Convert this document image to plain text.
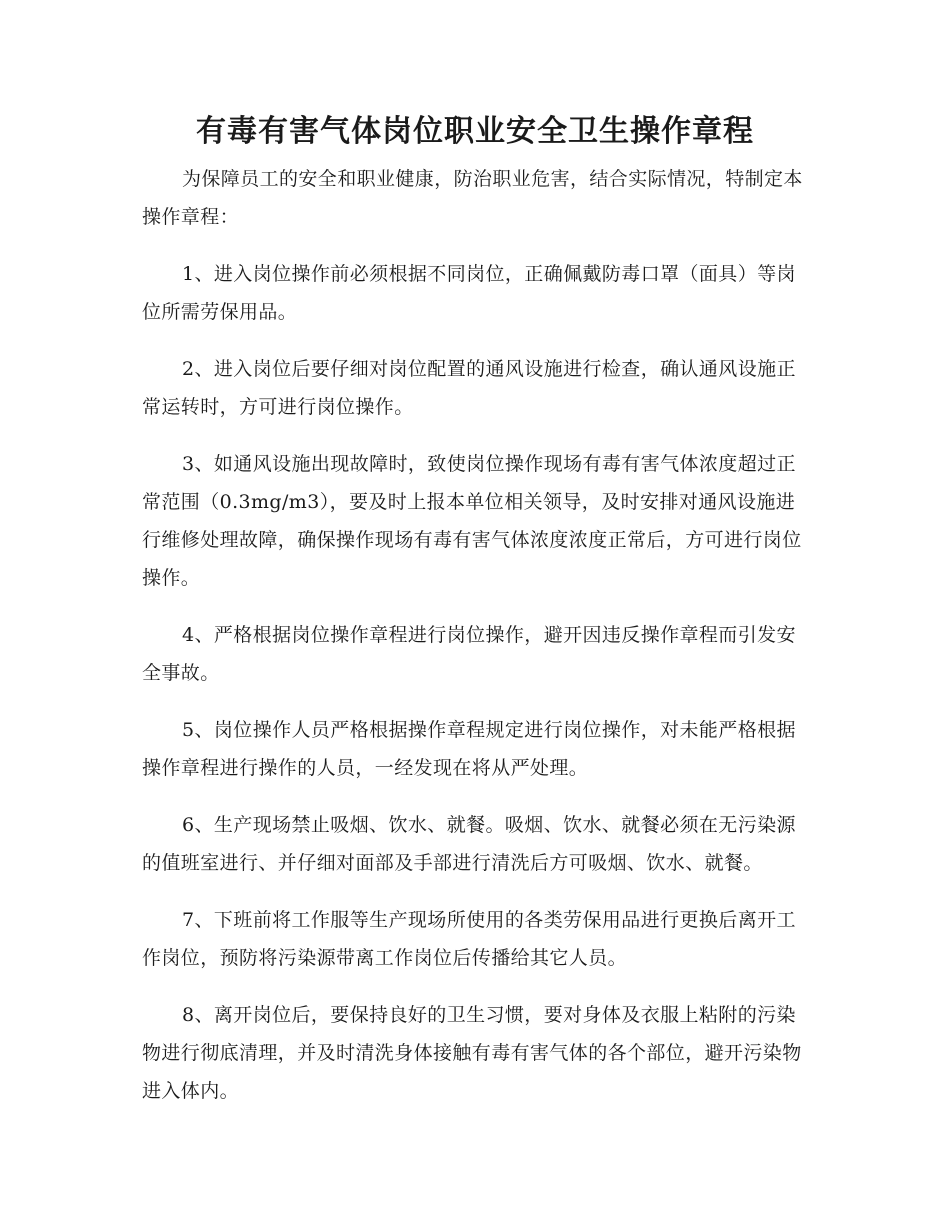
有毒有害气体岗位职业安全卫生操作章程

为保障员工的安全和职业健康，防治职业危害，结合实际情况，特制定本操作章程：

1、进入岗位操作前必须根据不同岗位，正确佩戴防毒口罩（面具）等岗位所需劳保用品。

2、进入岗位后要仔细对岗位配置的通风设施进行检查，确认通风设施正常运转时，方可进行岗位操作。

3、如通风设施出现故障时，致使岗位操作现场有毒有害气体浓度超过正常范围（0.3mg/m3），要及时上报本单位相关领导，及时安排对通风设施进行维修处理故障，确保操作现场有毒有害气体浓度浓度正常后，方可进行岗位操作。

4、严格根据岗位操作章程进行岗位操作，避开因违反操作章程而引发安全事故。

5、岗位操作人员严格根据操作章程规定进行岗位操作，对未能严格根据操作章程进行操作的人员，一经发现在将从严处理。

6、生产现场禁止吸烟、饮水、就餐。吸烟、饮水、就餐必须在无污染源的值班室进行、并仔细对面部及手部进行清洗后方可吸烟、饮水、就餐。

7、下班前将工作服等生产现场所使用的各类劳保用品进行更换后离开工作岗位，预防将污染源带离工作岗位后传播给其它人员。

8、离开岗位后，要保持良好的卫生习惯，要对身体及衣服上粘附的污染物进行彻底清理，并及时清洗身体接触有毒有害气体的各个部位，避开污染物进入体内。
